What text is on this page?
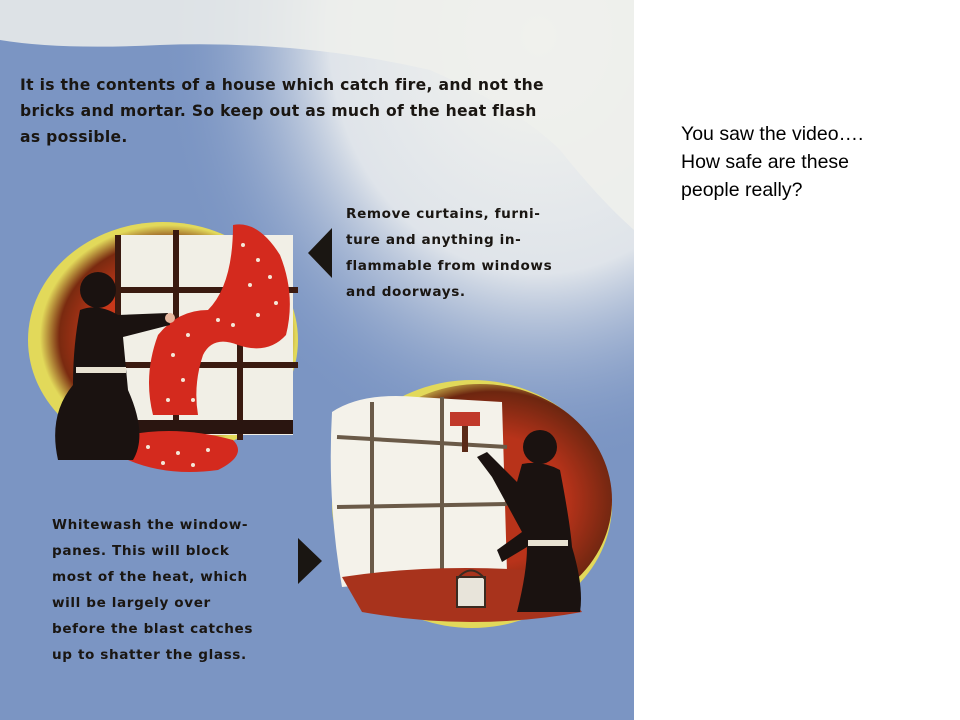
It is the contents of a house which catch fire, and not the
bricks and mortar. So keep out as much of the heat flash
as possible.
Remove curtains, furni-
ture and anything in-
flammable from windows
and doorways.
Whitewash the window-
panes. This will block
most of the heat, which
will be largely over
before the blast catches
up to shatter the glass.
You saw the video….
How safe are these
people really?
